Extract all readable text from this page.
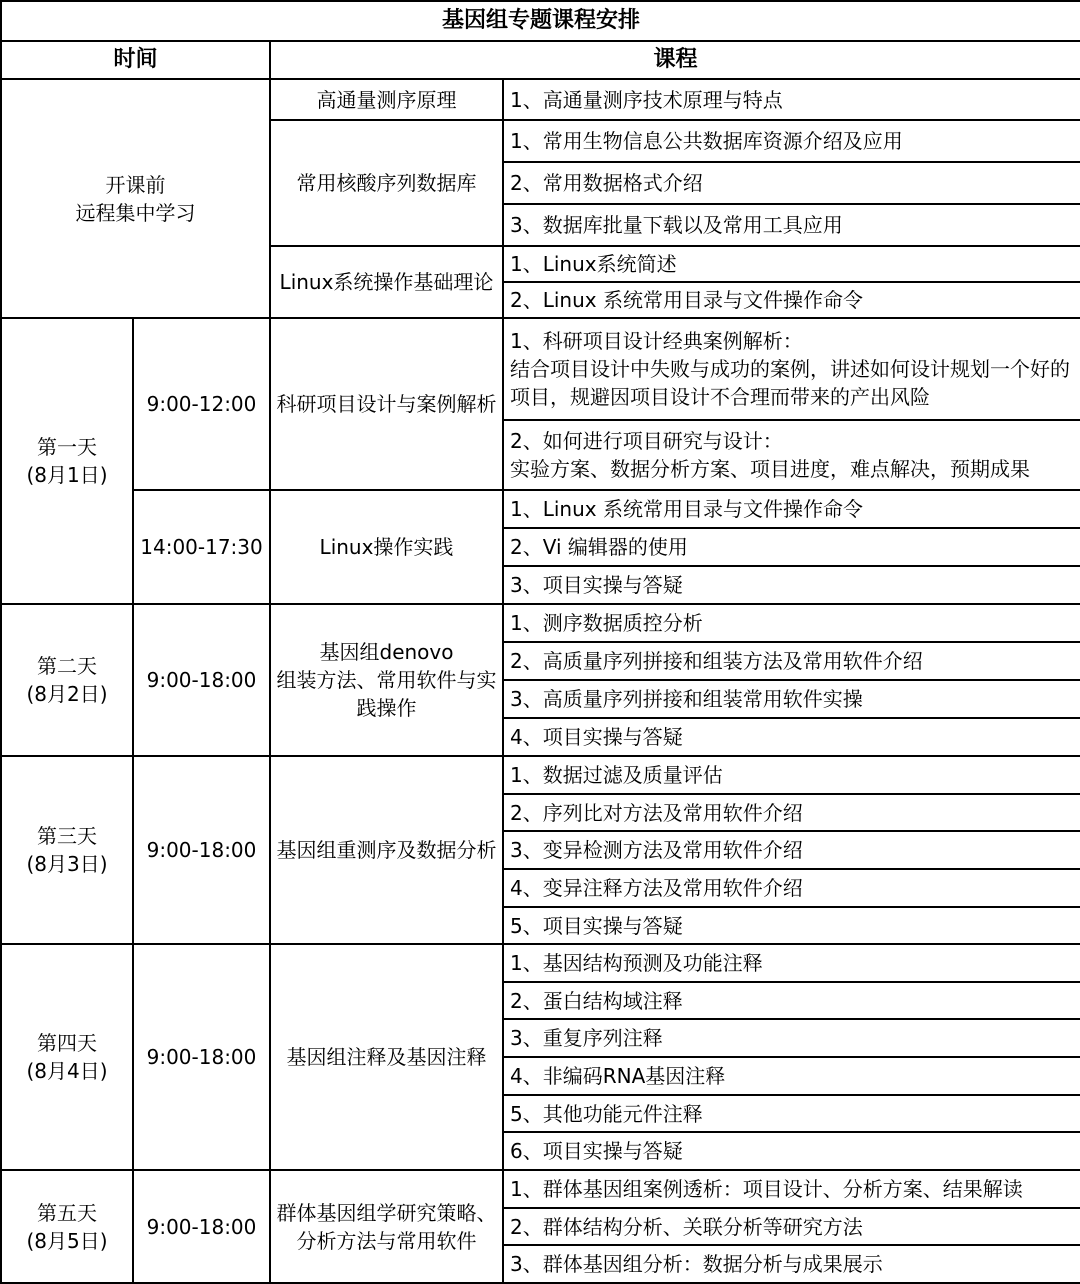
基因组专题课程安排			
时间		课程	

开课前
远程集中学习		高通量测序原理	1、高通量测序技术原理与特点
		常用核酸序列数据库	1、常用生物信息公共数据库资源介绍及应用
			2、常用数据格式介绍
			3、数据库批量下载以及常用工具应用
		Linux系统操作基础理论	1、Linux系统简述
			2、Linux 系统常用目录与文件操作命令

第一天
(8月1日)	9:00-12:00	科研项目设计与案例解析	1、科研项目设计经典案例解析：
结合项目设计中失败与成功的案例，讲述如何设计规划一个好的项目，规避因项目设计不合理而带来的产出风险

			2、如何进行项目研究与设计：
实验方案、数据分析方案、项目进度，难点解决，预期成果

	14:00-17:30	Linux操作实践	1、Linux 系统常用目录与文件操作命令
			2、Vi 编辑器的使用
			3、项目实操与答疑

第二天
(8月2日)	9:00-18:00	基因组denovo
组装方法、常用软件与实践操作	1、测序数据质控分析
			2、高质量序列拼接和组装方法及常用软件介绍
			3、高质量序列拼接和组装常用软件实操
			4、项目实操与答疑

第三天
(8月3日)	9:00-18:00	基因组重测序及数据分析	1、数据过滤及质量评估
			2、序列比对方法及常用软件介绍
			3、变异检测方法及常用软件介绍
			4、变异注释方法及常用软件介绍
			5、项目实操与答疑

第四天
(8月4日)	9:00-18:00	基因组注释及基因注释	1、基因结构预测及功能注释
			2、蛋白结构域注释
			3、重复序列注释
			4、非编码RNA基因注释
			5、其他功能元件注释
			6、项目实操与答疑

第五天
(8月5日)	9:00-18:00	群体基因组学研究策略、分析方法与常用软件	1、群体基因组案例透析：项目设计、分析方案、结果解读
			2、群体结构分析、关联分析等研究方法
			3、群体基因组分析：数据分析与成果展示
